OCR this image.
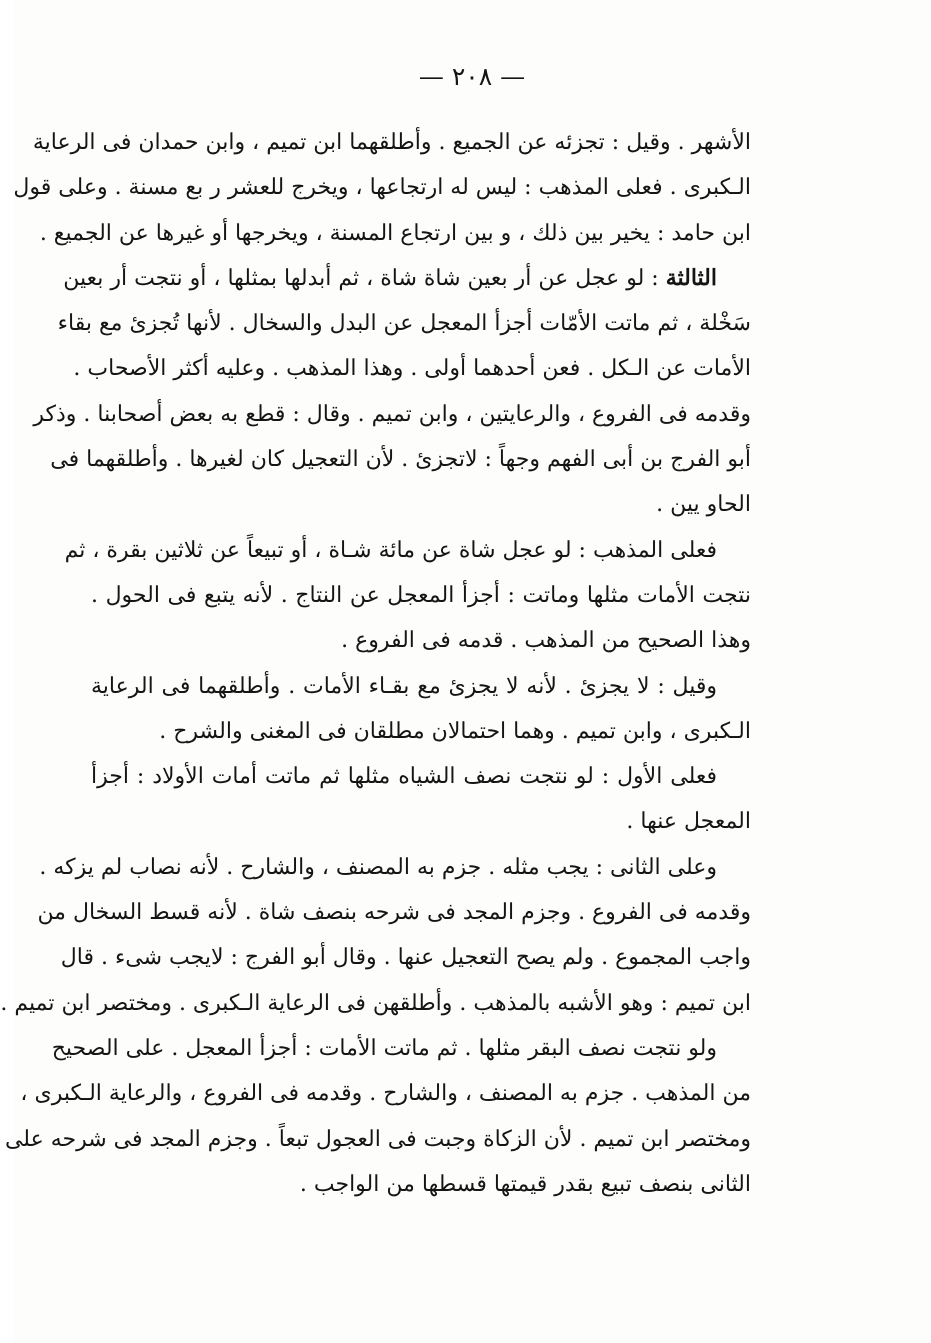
— ٢٠٨ —
الأشهر . وقيل : تجزئه عن الجميع . وأطلقهما ابن تميم ، وابن حمدان فى الرعاية
الـكبرى . فعلى المذهب : ليس له ارتجاعها ، ويخرج للعشر ر بع مسنة . وعلى قول
ابن حامد : يخير بين ذلك ، و بين ارتجاع المسنة ، ويخرجها أو غيرها عن الجميع .
الثالثة : لو عجل عن أر بعين شاة شاة ، ثم أبدلها بمثلها ، أو نتجت أر بعين
سَخْلة ، ثم ماتت الأمّات أجزأ المعجل عن البدل والسخال . لأنها تُجزئ مع بقاء
الأمات عن الـكل . فعن أحدهما أولى . وهذا المذهب . وعليه أكثر الأصحاب .
وقدمه فى الفروع ، والرعايتين ، وابن تميم . وقال : قطع به بعض أصحابنا . وذكر
أبو الفرج بن أبى الفهم وجهاً : لاتجزئ . لأن التعجيل كان لغيرها . وأطلقهما فى
الحاو يين .
فعلى المذهب : لو عجل شاة عن مائة شـاة ، أو تبيعاً عن ثلاثين بقرة ، ثم
نتجت الأمات مثلها وماتت : أجزأ المعجل عن النتاج . لأنه يتبع فى الحول .
وهذا الصحيح من المذهب . قدمه فى الفروع .
وقيل : لا يجزئ . لأنه لا يجزئ مع بقـاء الأمات . وأطلقهما فى الرعاية
الـكبرى ، وابن تميم . وهما احتمالان مطلقان فى المغنى والشرح .
فعلى الأول : لو نتجت نصف الشياه مثلها ثم ماتت أمات الأولاد : أجزأ
المعجل عنها .
وعلى الثانى : يجب مثله . جزم به المصنف ، والشارح . لأنه نصاب لم يزكه .
وقدمه فى الفروع . وجزم المجد فى شرحه بنصف شاة . لأنه قسط السخال من
واجب المجموع . ولم يصح التعجيل عنها . وقال أبو الفرج : لايجب شىء . قال
ابن تميم : وهو الأشبه بالمذهب . وأطلقهن فى الرعاية الـكبرى . ومختصر ابن تميم .
ولو نتجت نصف البقر مثلها . ثم ماتت الأمات : أجزأ المعجل . على الصحيح
من المذهب . جزم به المصنف ، والشارح . وقدمه فى الفروع ، والرعاية الـكبرى ،
ومختصر ابن تميم . لأن الزكاة وجبت فى العجول تبعاً . وجزم المجد فى شرحه على
الثانى بنصف تبيع بقدر قيمتها قسطها من الواجب .
